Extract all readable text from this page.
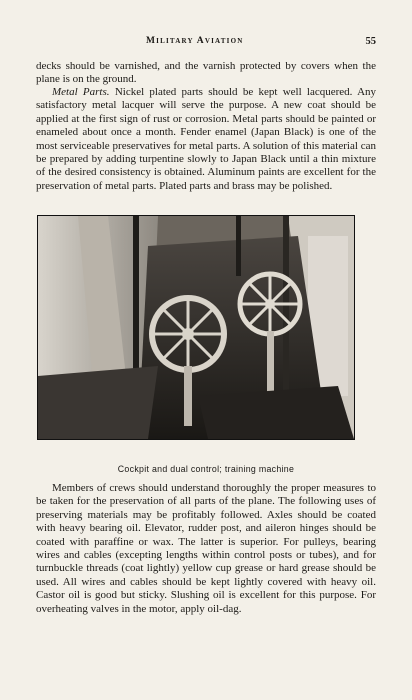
Military Aviation	55

decks should be varnished, and the varnish protected by covers when the plane is on the ground.

Metal Parts. Nickel plated parts should be kept well lacquered. Any satisfactory metal lacquer will serve the purpose. A new coat should be applied at the first sign of rust or corrosion. Metal parts should be painted or enameled about once a month. Fender enamel (Japan Black) is one of the most serviceable preservatives for metal parts. A solution of this material can be prepared by adding turpentine slowly to Japan Black until a thin mixture of the desired consistency is obtained. Aluminum paints are excellent for the preservation of metal parts. Plated parts and brass may be polished.

Cockpit and dual control; training machine

Members of crews should understand thoroughly the proper measures to be taken for the preservation of all parts of the plane. The following uses of preserving materials may be profitably followed. Axles should be coated with heavy bearing oil. Elevator, rudder post, and aileron hinges should be coated with paraffine or wax. The latter is superior. For pulleys, bearing wires and cables (excepting lengths within control posts or tubes), and for turnbuckle threads (coat lightly) yellow cup grease or hard grease should be used. All wires and cables should be kept lightly covered with heavy oil. Castor oil is good but sticky. Slushing oil is excellent for this purpose. For overheating valves in the motor, apply oil-dag.
